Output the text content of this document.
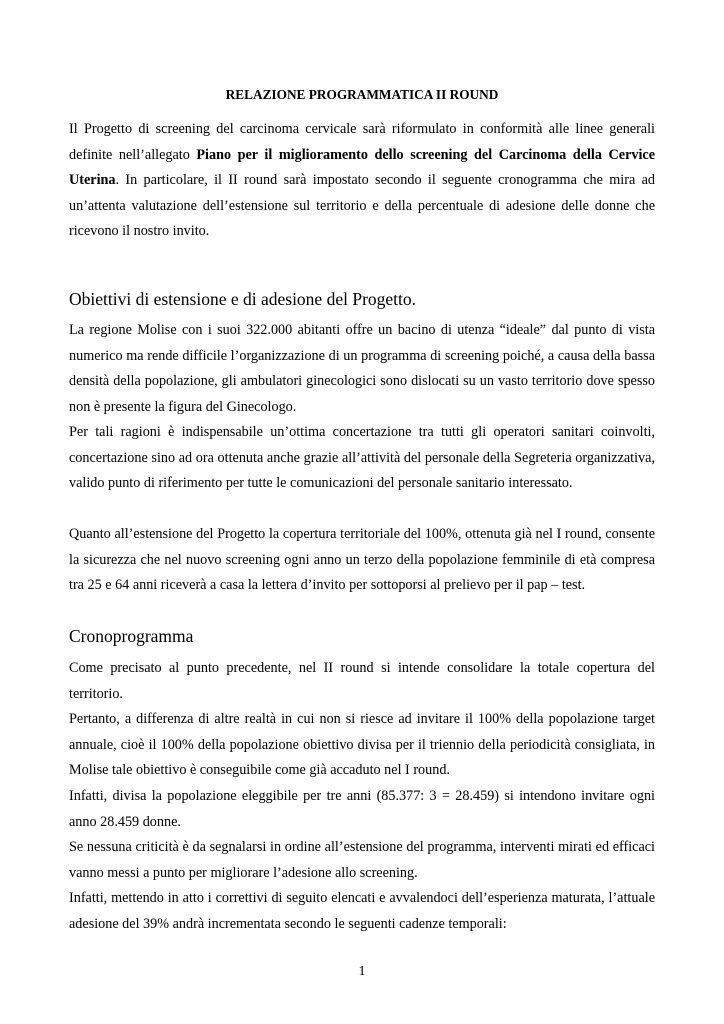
RELAZIONE PROGRAMMATICA II ROUND

Il Progetto di screening del carcinoma cervicale sarà riformulato in conformità alle linee generali definite nell’allegato Piano per il miglioramento dello screening del Carcinoma della Cervice Uterina. In particolare, il II round sarà impostato secondo il seguente cronogramma che mira ad un’attenta valutazione dell’estensione sul territorio e della percentuale di adesione delle donne che ricevono il nostro invito.

Obiettivi di estensione e di adesione del Progetto.

La regione Molise con i suoi 322.000 abitanti offre un bacino di utenza “ideale” dal punto di vista numerico ma rende difficile l’organizzazione di un programma di screening poiché, a causa della bassa densità della popolazione, gli ambulatori ginecologici sono dislocati su un vasto territorio dove spesso non è presente la figura del Ginecologo.

Per tali ragioni è indispensabile un’ottima concertazione tra tutti gli operatori sanitari coinvolti, concertazione sino ad ora ottenuta anche grazie all’attività del personale della Segreteria organizzativa, valido punto di riferimento per tutte le comunicazioni del personale sanitario interessato.

Quanto all’estensione del Progetto la copertura territoriale del 100%, ottenuta già nel I round, consente la sicurezza che nel nuovo screening ogni anno un terzo della popolazione femminile di età compresa tra 25 e 64 anni riceverà a casa la lettera d’invito per sottoporsi al prelievo per il pap – test.

Cronoprogramma

Come precisato al punto precedente, nel II round si intende consolidare la totale copertura del territorio.

Pertanto, a differenza di altre realtà in cui non si riesce ad invitare il 100% della popolazione target annuale, cioè il 100% della popolazione obiettivo divisa per il triennio della periodicità consigliata, in Molise tale obiettivo è conseguibile come già accaduto nel I round.

Infatti, divisa la popolazione eleggibile per tre anni (85.377: 3 = 28.459) si intendono invitare ogni anno 28.459 donne.

Se nessuna criticità è da segnalarsi in ordine all’estensione del programma, interventi mirati ed efficaci vanno messi a punto per migliorare l’adesione allo screening.

Infatti, mettendo in atto i correttivi di seguito elencati e avvalendoci dell’esperienza maturata, l’attuale adesione del 39% andrà incrementata secondo le seguenti cadenze temporali:

1
